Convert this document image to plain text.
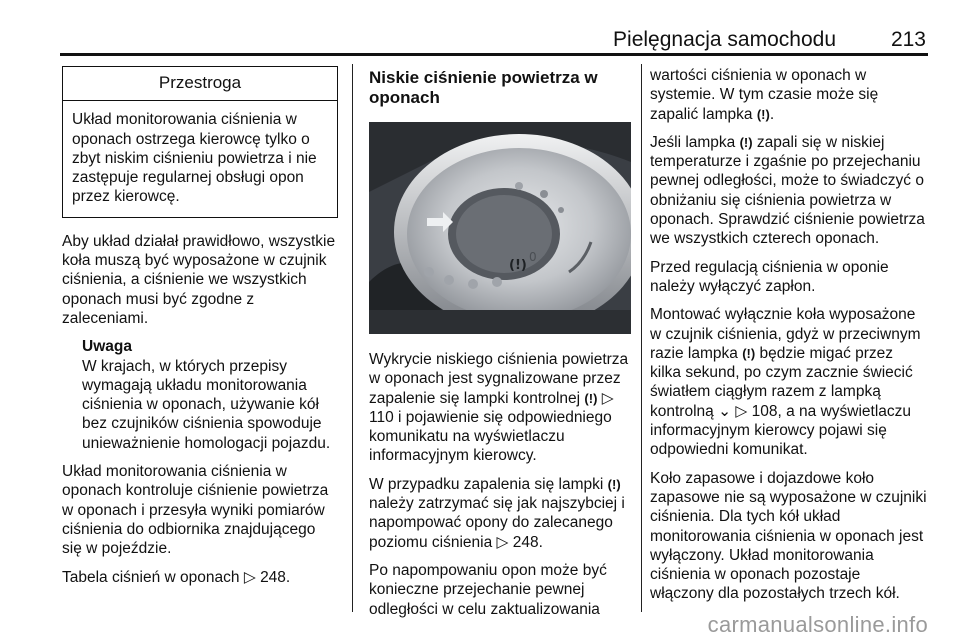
Pielęgnacja samochodu	213
Przestroga
Układ monitorowania ciśnienia w oponach ostrzega kierowcę tylko o zbyt niskim ciśnieniu powietrza i nie zastępuje regularnej obsługi opon przez kierowcę.

Aby układ działał prawidłowo, wszystkie koła muszą być wyposażone w czujnik ciśnienia, a ciśnienie we wszystkich oponach musi być zgodne z zaleceniami.

Uwaga
W krajach, w których przepisy wymagają układu monitorowania ciśnienia w oponach, używanie kół bez czujników ciśnienia spowoduje unieważnienie homologacji pojazdu.

Układ monitorowania ciśnienia w oponach kontroluje ciśnienie powietrza w oponach i przesyła wyniki pomiarów ciśnienia do odbiornika znajdującego się w pojeździe.

Tabela ciśnień w oponach ▷ 248.

Niskie ciśnienie powietrza w oponach
(!)
0

Wykrycie niskiego ciśnienia powietrza w oponach jest sygnalizowane przez zapalenie się lampki kontrolnej (!) ▷ 110 i pojawienie się odpowiedniego komunikatu na wyświetlaczu informacyjnym kierowcy.

W przypadku zapalenia się lampki (!) należy zatrzymać się jak najszybciej i napompować opony do zalecanego poziomu ciśnienia ▷ 248.

Po napompowaniu opon może być konieczne przejechanie pewnej odległości w celu zaktualizowania

wartości ciśnienia w oponach w systemie. W tym czasie może się zapalić lampka (!).

Jeśli lampka (!) zapali się w niskiej temperaturze i zgaśnie po przejechaniu pewnej odległości, może to świadczyć o obniżaniu się ciśnienia powietrza w oponach. Sprawdzić ciśnienie powietrza we wszystkich czterech oponach.

Przed regulacją ciśnienia w oponie należy wyłączyć zapłon.

Montować wyłącznie koła wyposażone w czujnik ciśnienia, gdyż w przeciwnym razie lampka (!) będzie migać przez kilka sekund, po czym zacznie świecić światłem ciągłym razem z lampką kontrolną ⌄ ▷ 108, a na wyświetlaczu informacyjnym kierowcy pojawi się odpowiedni komunikat.

Koło zapasowe i dojazdowe koło zapasowe nie są wyposażone w czujniki ciśnienia. Dla tych kół układ monitorowania ciśnienia w oponach jest wyłączony. Układ monitorowania ciśnienia w oponach pozostaje włączony dla pozostałych trzech kół.

carmanualsonline.info
